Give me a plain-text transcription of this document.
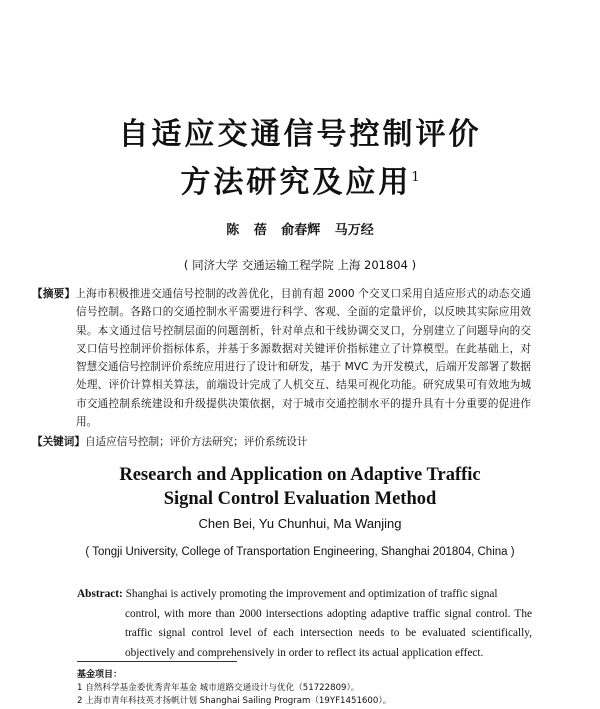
自适应交通信号控制评价
方法研究及应用$^1$
陈 蓓 俞春辉 马万经
( 同济大学 交通运输工程学院 上海 201804 )
【摘要】上海市积极推进交通信号控制的改善优化，目前有超 2000 个交叉口采用自适应形式的动态交通信号控制。各路口的交通控制水平需要进行科学、客观、全面的定量评价，以反映其实际应用效果。本文通过信号控制层面的问题剖析，针对单点和干线协调交叉口，分别建立了问题导向的交叉口信号控制评价指标体系，并基于多源数据对关键评价指标建立了计算模型。在此基础上，对智慧交通信号控制评价系统应用进行了设计和研发，基于 MVC 为开发模式，后端开发部署了数据处理、评价计算相关算法，前端设计完成了人机交互、结果可视化功能。研究成果可有效地为城市交通控制系统建设和升级提供决策依据，对于城市交通控制水平的提升具有十分重要的促进作用。
【关键词】自适应信号控制；评价方法研究；评价系统设计
Research and Application on Adaptive Traffic
Signal Control Evaluation Method
Chen Bei, Yu Chunhui, Ma Wanjing
( Tongji University, College of Transportation Engineering, Shanghai 201804, China )
Abstract: Shanghai is actively promoting the improvement and optimization of traffic signal
control, with more than 2000 intersections adopting adaptive traffic signal control. The traffic signal control level of each intersection needs to be evaluated scientifically, objectively and comprehensively in order to reflect its actual application effect.
基金项目：
1 自然科学基金委优秀青年基金 城市道路交通设计与优化（51722809）。
2 上海市青年科技英才扬帆计划 Shanghai Sailing Program（19YF1451600）。
